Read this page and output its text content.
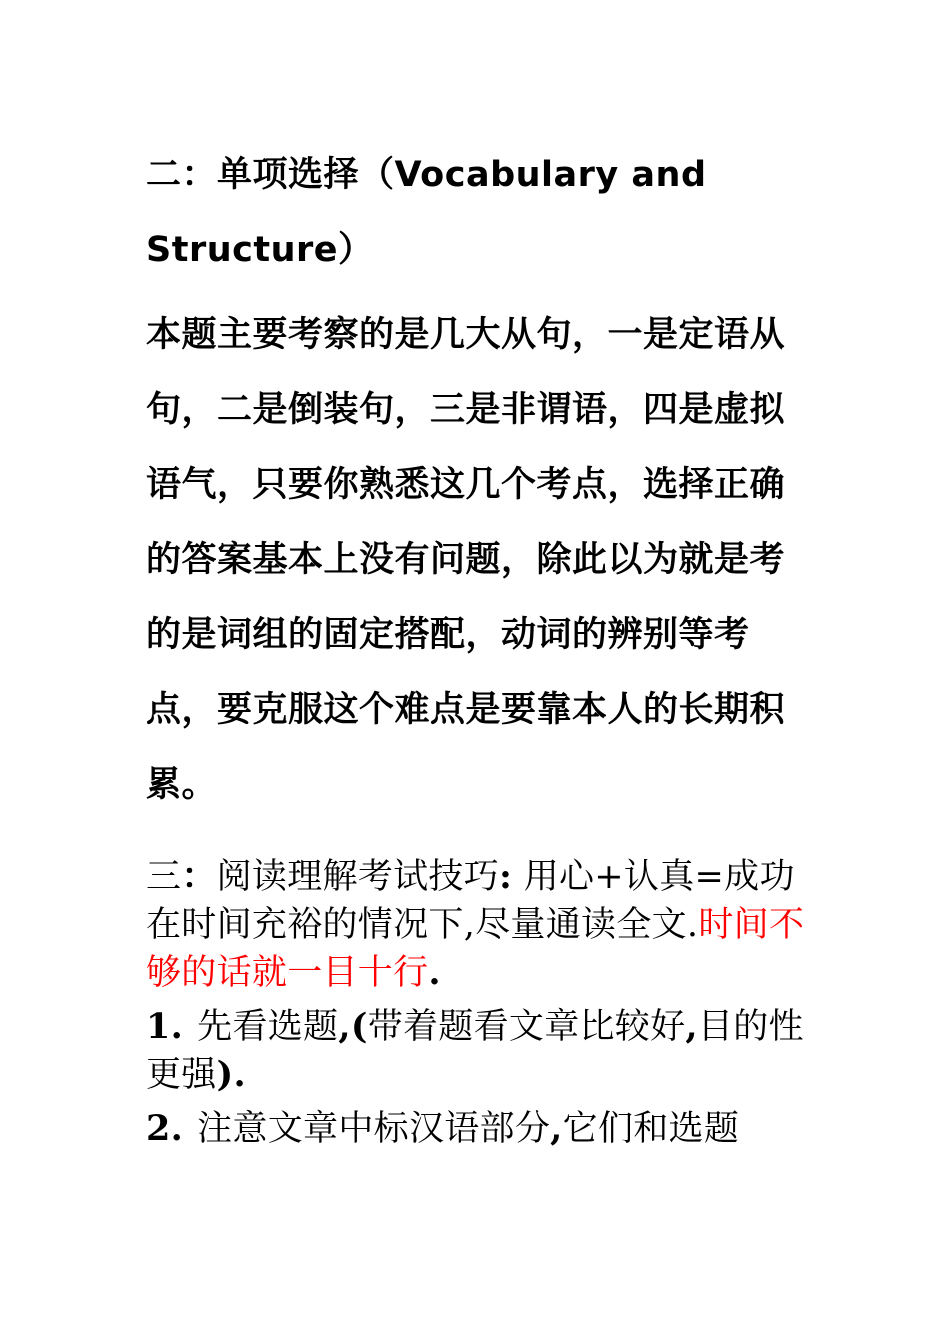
二：单项选择（Vocabulary and Structure）

本题主要考察的是几大从句，一是定语从句，二是倒装句，三是非谓语，四是虚拟语气，只要你熟悉这几个考点，选择正确的答案基本上没有问题，除此以为就是考的是词组的固定搭配，动词的辨别等考点，要克服这个难点是要靠本人的长期积累。

三：阅读理解考试技巧: 用心+认真=成功

在时间充裕的情况下,尽量通读全文.时间不够的话就一目十行.

1. 先看选题,(带着题看文章比较好,目的性更强).

2. 注意文章中标汉语部分,它们和选题
